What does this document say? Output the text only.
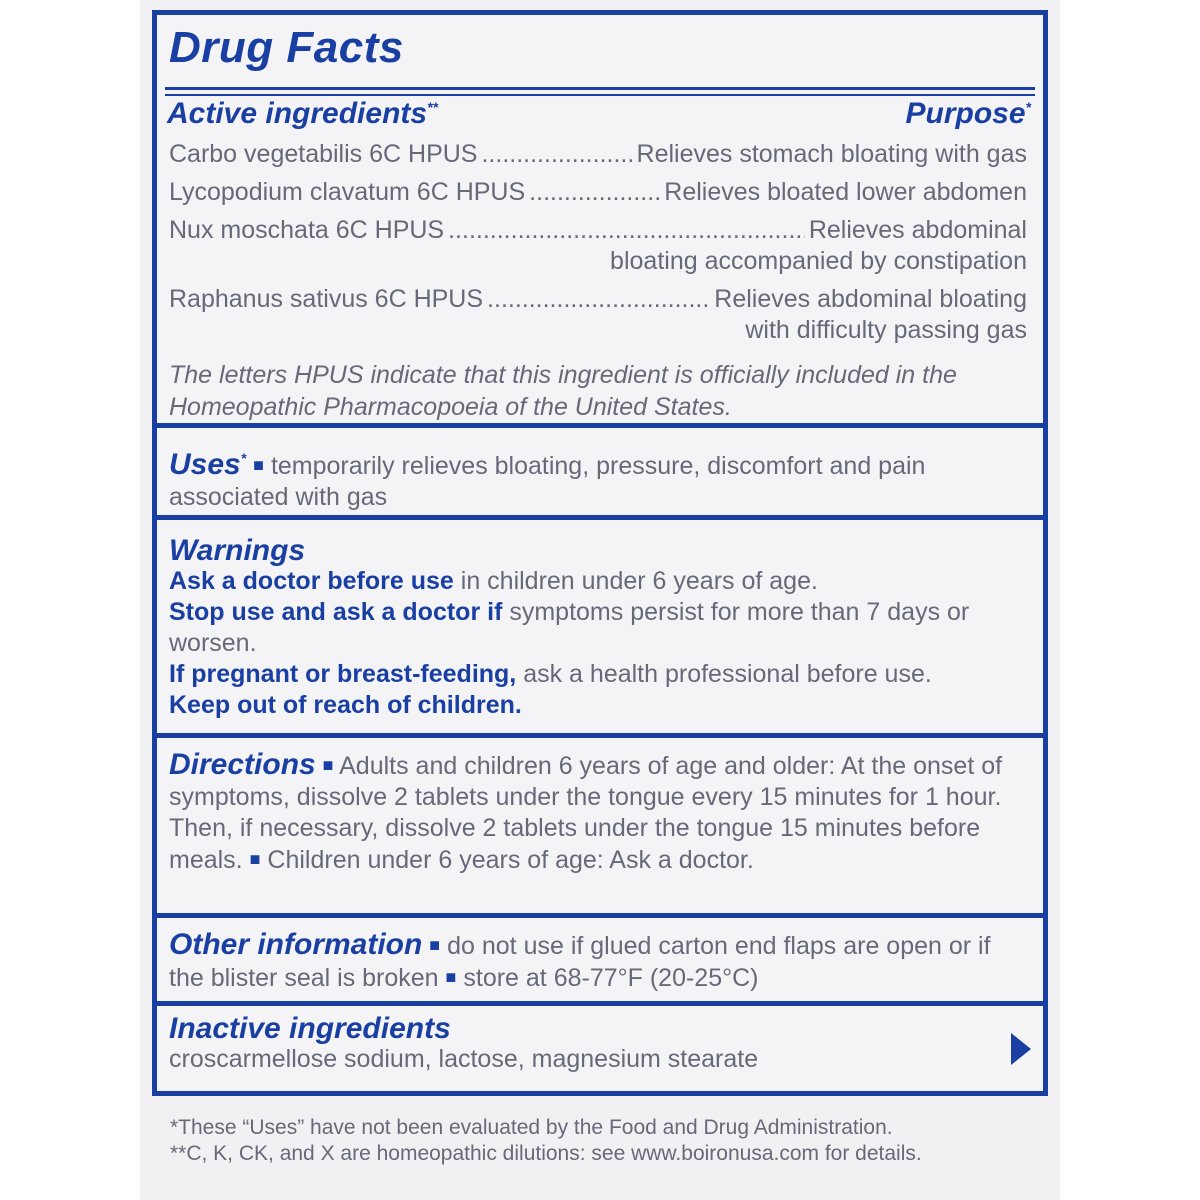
Drug Facts
Active ingredients**	Purpose*
Carbo vegetabilis 6C HPUS .....	Relieves stomach bloating with gas
Lycopodium clavatum 6C HPUS .....	Relieves bloated lower abdomen
Nux moschata 6C HPUS .....	Relieves abdominal
bloating accompanied by constipation
Raphanus sativus 6C HPUS .....	Relieves abdominal bloating
with difficulty passing gas
The letters HPUS indicate that this ingredient is officially included in the Homeopathic Pharmacopoeia of the United States.
Uses* ■ temporarily relieves bloating, pressure, discomfort and pain associated with gas
Warnings
Ask a doctor before use in children under 6 years of age.
Stop use and ask a doctor if symptoms persist for more than 7 days or worsen.
If pregnant or breast-feeding, ask a health professional before use.
Keep out of reach of children.
Directions ■ Adults and children 6 years of age and older: At the onset of symptoms, dissolve 2 tablets under the tongue every 15 minutes for 1 hour. Then, if necessary, dissolve 2 tablets under the tongue 15 minutes before meals. ■ Children under 6 years of age: Ask a doctor.
Other information ■ do not use if glued carton end flaps are open or if the blister seal is broken ■ store at 68-77°F (20-25°C)
Inactive ingredients
croscarmellose sodium, lactose, magnesium stearate
*These “Uses” have not been evaluated by the Food and Drug Administration.
**C, K, CK, and X are homeopathic dilutions: see www.boironusa.com for details.
